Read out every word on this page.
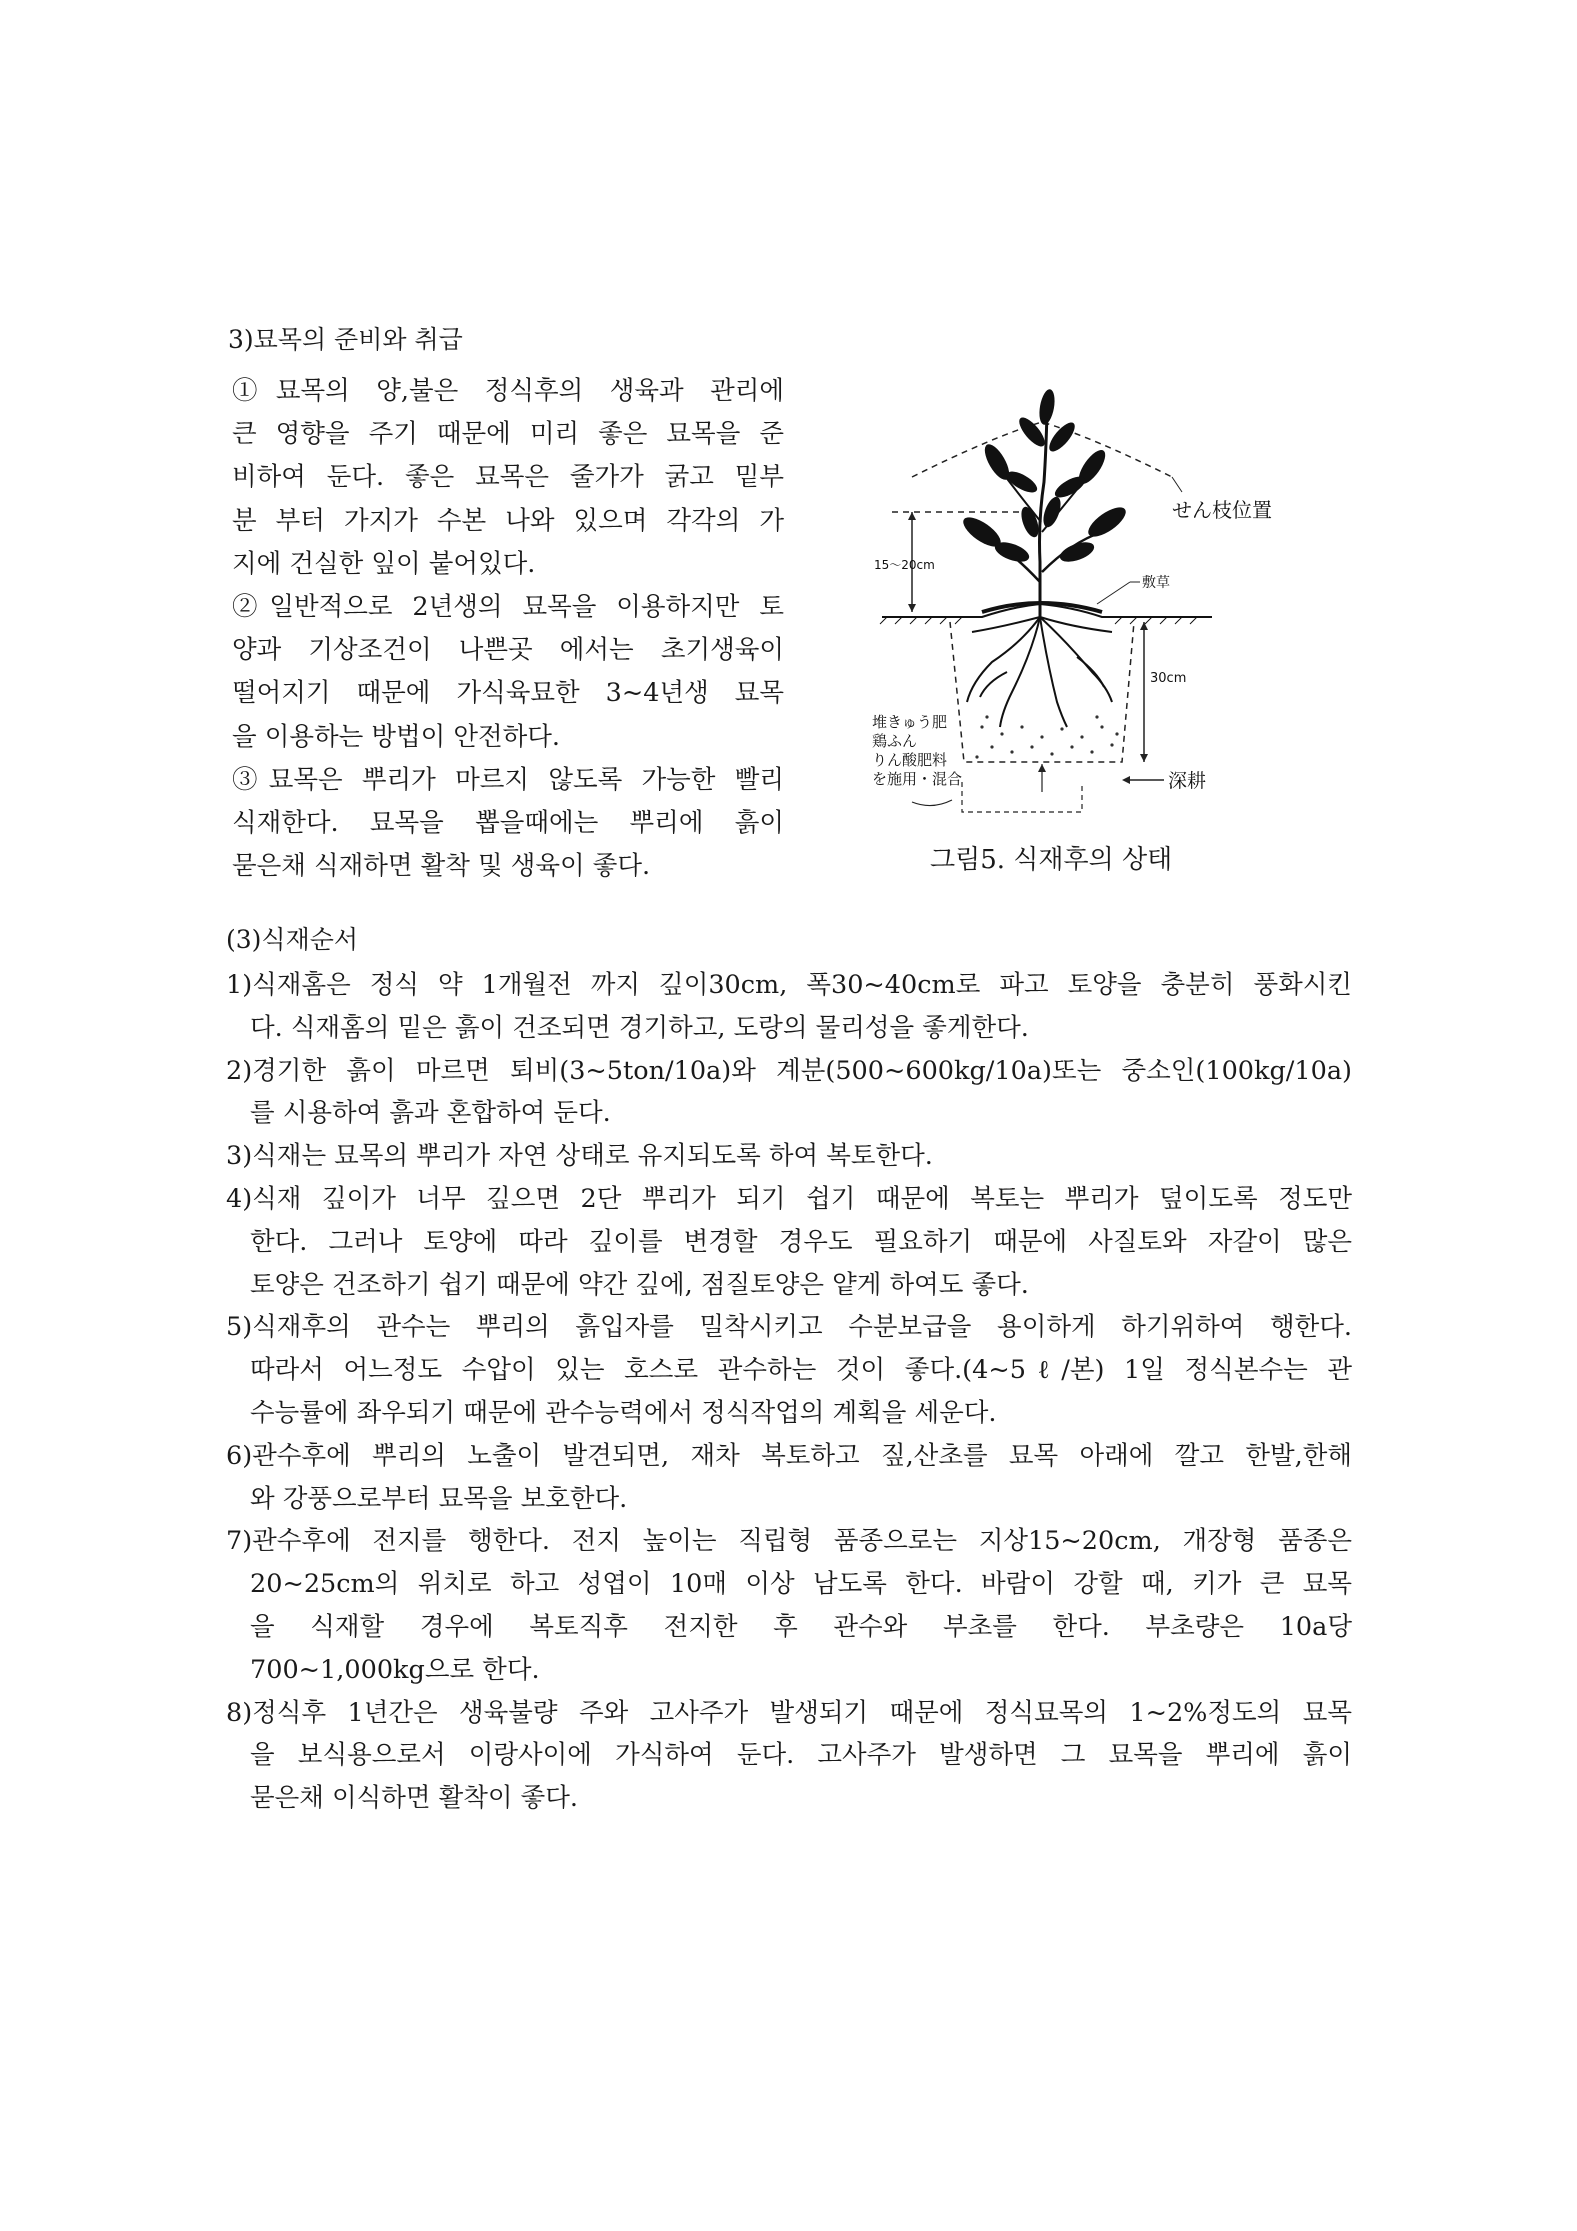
3)묘목의 준비와 취급
①묘목의 양,불은 정식후의 생육과 관리에
큰 영향을 주기 때문에 미리 좋은 묘목을 준
비하여 둔다. 좋은 묘목은 줄가가 굵고 밑부
분 부터 가지가 수본 나와 있으며 각각의 가
지에 건실한 잎이 붙어있다.
②일반적으로 2년생의 묘목을 이용하지만 토
양과 기상조건이 나쁜곳 에서는 초기생육이
떨어지기 때문에 가식육묘한 3~4년생 묘목
을 이용하는 방법이 안전하다.
③묘목은 뿌리가 마르지 않도록 가능한 빨리
식재한다. 묘목을 뽑을때에는 뿌리에 흙이
묻은채 식재하면 활착 및 생육이 좋다.
せん枝位置
15～20cm
敷草
30cm
堆きゅう肥
鶏ふん
りん酸肥料
を施用・混合	深耕
그림5. 식재후의 상태
(3)식재순서
1)식재홈은 정식 약 1개월전 까지 깊이30cm, 폭30~40cm로 파고 토양을 충분히 풍화시킨
다. 식재홈의 밑은 흙이 건조되면 경기하고, 도랑의 물리성을 좋게한다.
2)경기한 흙이 마르면 퇴비(3~5ton/10a)와 계분(500~600kg/10a)또는 중소인(100kg/10a)
를 시용하여 흙과 혼합하여 둔다.
3)식재는 묘목의 뿌리가 자연 상태로 유지되도록 하여 복토한다.
4)식재 깊이가 너무 깊으면 2단 뿌리가 되기 쉽기 때문에 복토는 뿌리가 덮이도록 정도만
한다. 그러나 토양에 따라 깊이를 변경할 경우도 필요하기 때문에 사질토와 자갈이 많은
토양은 건조하기 쉽기 때문에 약간 깊에, 점질토양은 얕게 하여도 좋다.
5)식재후의 관수는 뿌리의 흙입자를 밀착시키고 수분보급을 용이하게 하기위하여 행한다.
따라서 어느정도 수압이 있는 호스로 관수하는 것이 좋다.(4~5ℓ/본) 1일 정식본수는 관
수능률에 좌우되기 때문에 관수능력에서 정식작업의 계획을 세운다.
6)관수후에 뿌리의 노출이 발견되면, 재차 복토하고 짚,산초를 묘목 아래에 깔고 한발,한해
와 강풍으로부터 묘목을 보호한다.
7)관수후에 전지를 행한다. 전지 높이는 직립형 품종으로는 지상15~20cm, 개장형 품종은
20~25cm의 위치로 하고 성엽이 10매 이상 남도록 한다. 바람이 강할 때, 키가 큰 묘목
을 식재할 경우에 복토직후 전지한 후 관수와 부초를 한다. 부초량은 10a당
700~1,000kg으로 한다.
8)정식후 1년간은 생육불량 주와 고사주가 발생되기 때문에 정식묘목의 1~2%정도의 묘목
을 보식용으로서 이랑사이에 가식하여 둔다. 고사주가 발생하면 그 묘목을 뿌리에 흙이
묻은채 이식하면 활착이 좋다.
